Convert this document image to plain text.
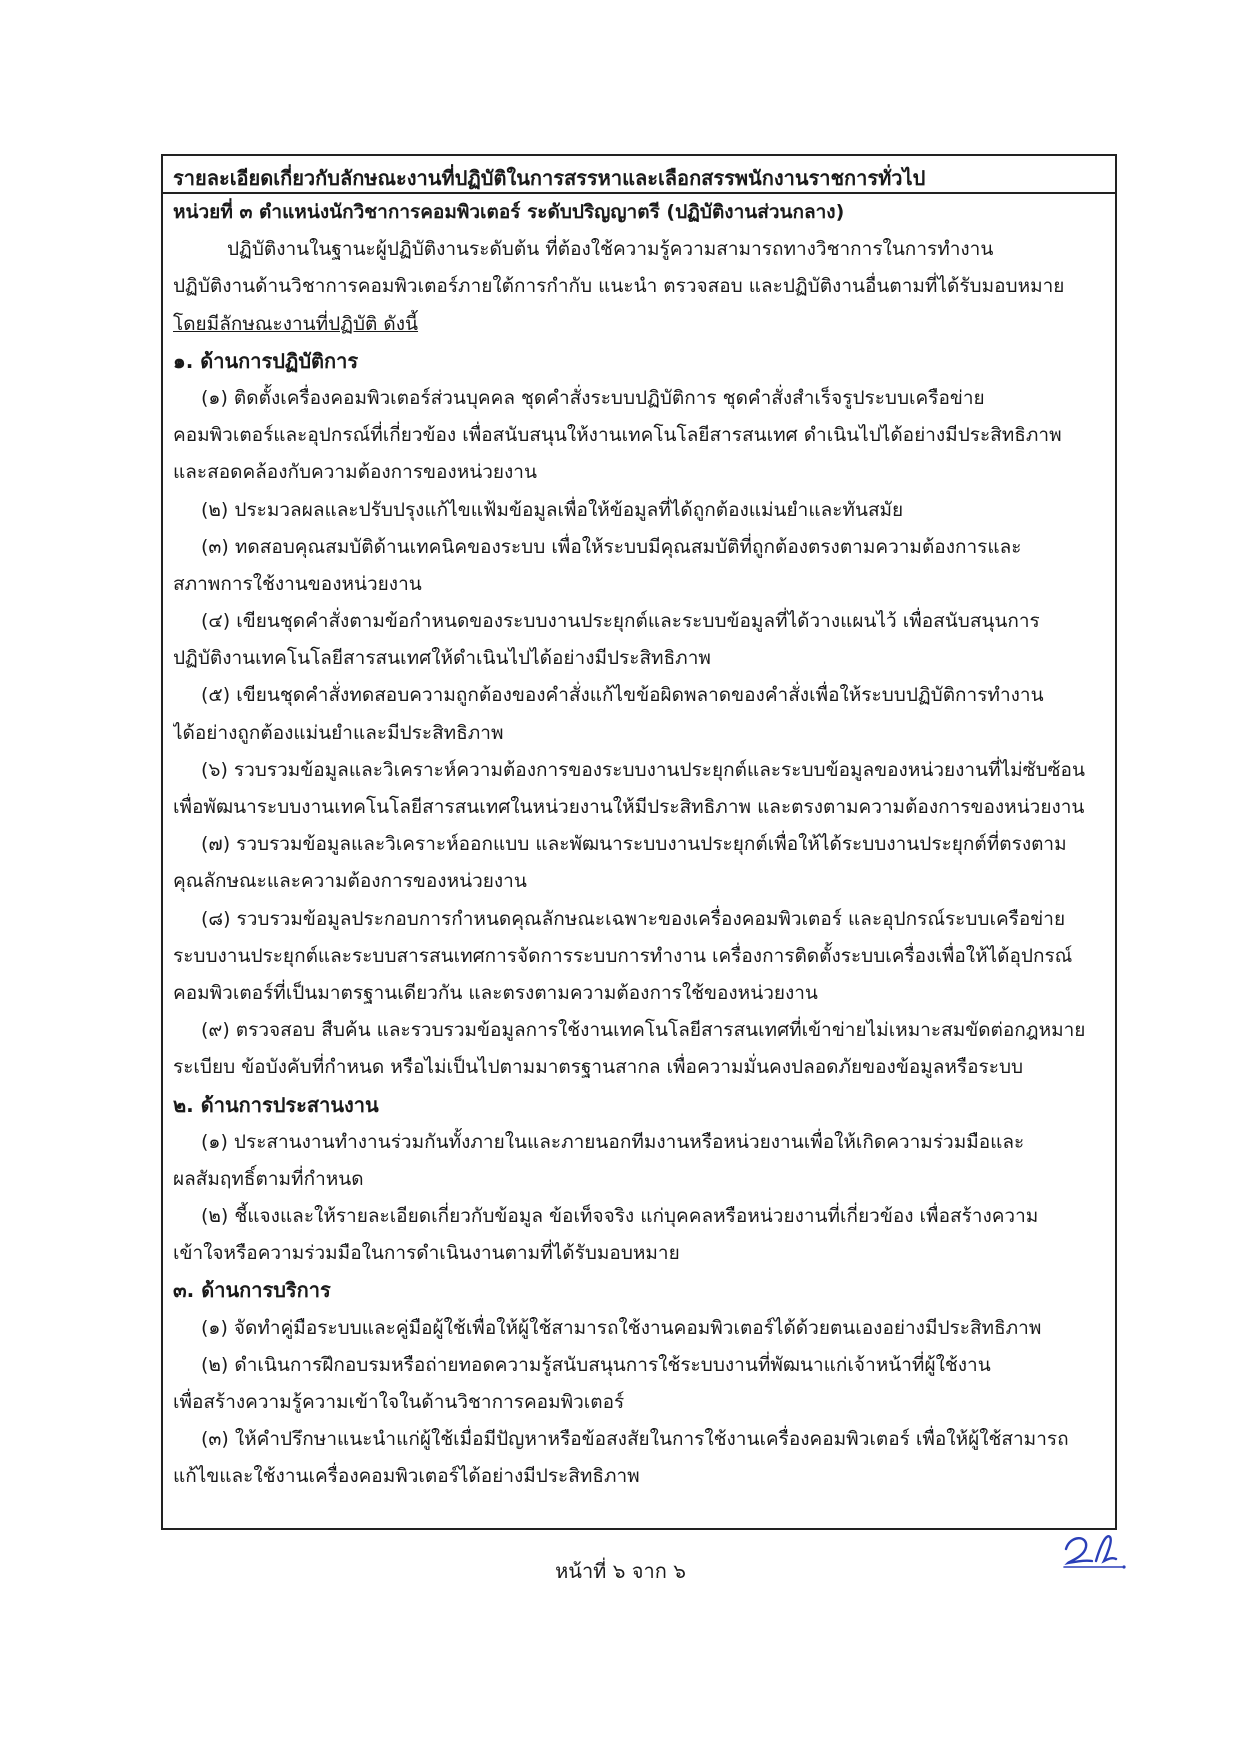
รายละเอียดเกี่ยวกับลักษณะงานที่ปฏิบัติในการสรรหาและเลือกสรรพนักงานราชการทั่วไป
หน่วยที่ ๓ ตำแหน่งนักวิชาการคอมพิวเตอร์ ระดับปริญญาตรี (ปฏิบัติงานส่วนกลาง)
ปฏิบัติงานในฐานะผู้ปฏิบัติงานระดับต้น ที่ต้องใช้ความรู้ความสามารถทางวิชาการในการทำงาน
ปฏิบัติงานด้านวิชาการคอมพิวเตอร์ภายใต้การกำกับ แนะนำ ตรวจสอบ และปฏิบัติงานอื่นตามที่ได้รับมอบหมาย
โดยมีลักษณะงานที่ปฏิบัติ ดังนี้
๑. ด้านการปฏิบัติการ
(๑) ติดตั้งเครื่องคอมพิวเตอร์ส่วนบุคคล ชุดคำสั่งระบบปฏิบัติการ ชุดคำสั่งสำเร็จรูประบบเครือข่าย
คอมพิวเตอร์และอุปกรณ์ที่เกี่ยวข้อง เพื่อสนับสนุนให้งานเทคโนโลยีสารสนเทศ ดำเนินไปได้อย่างมีประสิทธิภาพ
และสอดคล้องกับความต้องการของหน่วยงาน
(๒) ประมวลผลและปรับปรุงแก้ไขแฟ้มข้อมูลเพื่อให้ข้อมูลที่ได้ถูกต้องแม่นยำและทันสมัย
(๓) ทดสอบคุณสมบัติด้านเทคนิคของระบบ เพื่อให้ระบบมีคุณสมบัติที่ถูกต้องตรงตามความต้องการและ
สภาพการใช้งานของหน่วยงาน
(๔) เขียนชุดคำสั่งตามข้อกำหนดของระบบงานประยุกต์และระบบข้อมูลที่ได้วางแผนไว้ เพื่อสนับสนุนการ
ปฏิบัติงานเทคโนโลยีสารสนเทศให้ดำเนินไปได้อย่างมีประสิทธิภาพ
(๕) เขียนชุดคำสั่งทดสอบความถูกต้องของคำสั่งแก้ไขข้อผิดพลาดของคำสั่งเพื่อให้ระบบปฏิบัติการทำงาน
ได้อย่างถูกต้องแม่นยำและมีประสิทธิภาพ
(๖) รวบรวมข้อมูลและวิเคราะห์ความต้องการของระบบงานประยุกต์และระบบข้อมูลของหน่วยงานที่ไม่ซับซ้อน
เพื่อพัฒนาระบบงานเทคโนโลยีสารสนเทศในหน่วยงานให้มีประสิทธิภาพ และตรงตามความต้องการของหน่วยงาน
(๗) รวบรวมข้อมูลและวิเคราะห์ออกแบบ และพัฒนาระบบงานประยุกต์เพื่อให้ได้ระบบงานประยุกต์ที่ตรงตาม
คุณลักษณะและความต้องการของหน่วยงาน
(๘) รวบรวมข้อมูลประกอบการกำหนดคุณลักษณะเฉพาะของเครื่องคอมพิวเตอร์ และอุปกรณ์ระบบเครือข่าย
ระบบงานประยุกต์และระบบสารสนเทศการจัดการระบบการทำงาน เครื่องการติดตั้งระบบเครื่องเพื่อให้ได้อุปกรณ์
คอมพิวเตอร์ที่เป็นมาตรฐานเดียวกัน และตรงตามความต้องการใช้ของหน่วยงาน
(๙) ตรวจสอบ สืบค้น และรวบรวมข้อมูลการใช้งานเทคโนโลยีสารสนเทศที่เข้าข่ายไม่เหมาะสมขัดต่อกฎหมาย
ระเบียบ ข้อบังคับที่กำหนด หรือไม่เป็นไปตามมาตรฐานสากล เพื่อความมั่นคงปลอดภัยของข้อมูลหรือระบบ
๒. ด้านการประสานงาน
(๑) ประสานงานทำงานร่วมกันทั้งภายในและภายนอกทีมงานหรือหน่วยงานเพื่อให้เกิดความร่วมมือและ
ผลสัมฤทธิ์ตามที่กำหนด
(๒) ชี้แจงและให้รายละเอียดเกี่ยวกับข้อมูล ข้อเท็จจริง แก่บุคคลหรือหน่วยงานที่เกี่ยวข้อง เพื่อสร้างความ
เข้าใจหรือความร่วมมือในการดำเนินงานตามที่ได้รับมอบหมาย
๓. ด้านการบริการ
(๑) จัดทำคู่มือระบบและคู่มือผู้ใช้เพื่อให้ผู้ใช้สามารถใช้งานคอมพิวเตอร์ได้ด้วยตนเองอย่างมีประสิทธิภาพ
(๒) ดำเนินการฝึกอบรมหรือถ่ายทอดความรู้สนับสนุนการใช้ระบบงานที่พัฒนาแก่เจ้าหน้าที่ผู้ใช้งาน
เพื่อสร้างความรู้ความเข้าใจในด้านวิชาการคอมพิวเตอร์
(๓) ให้คำปรึกษาแนะนำแก่ผู้ใช้เมื่อมีปัญหาหรือข้อสงสัยในการใช้งานเครื่องคอมพิวเตอร์ เพื่อให้ผู้ใช้สามารถ
แก้ไขและใช้งานเครื่องคอมพิวเตอร์ได้อย่างมีประสิทธิภาพ
หน้าที่ ๖ จาก ๖
